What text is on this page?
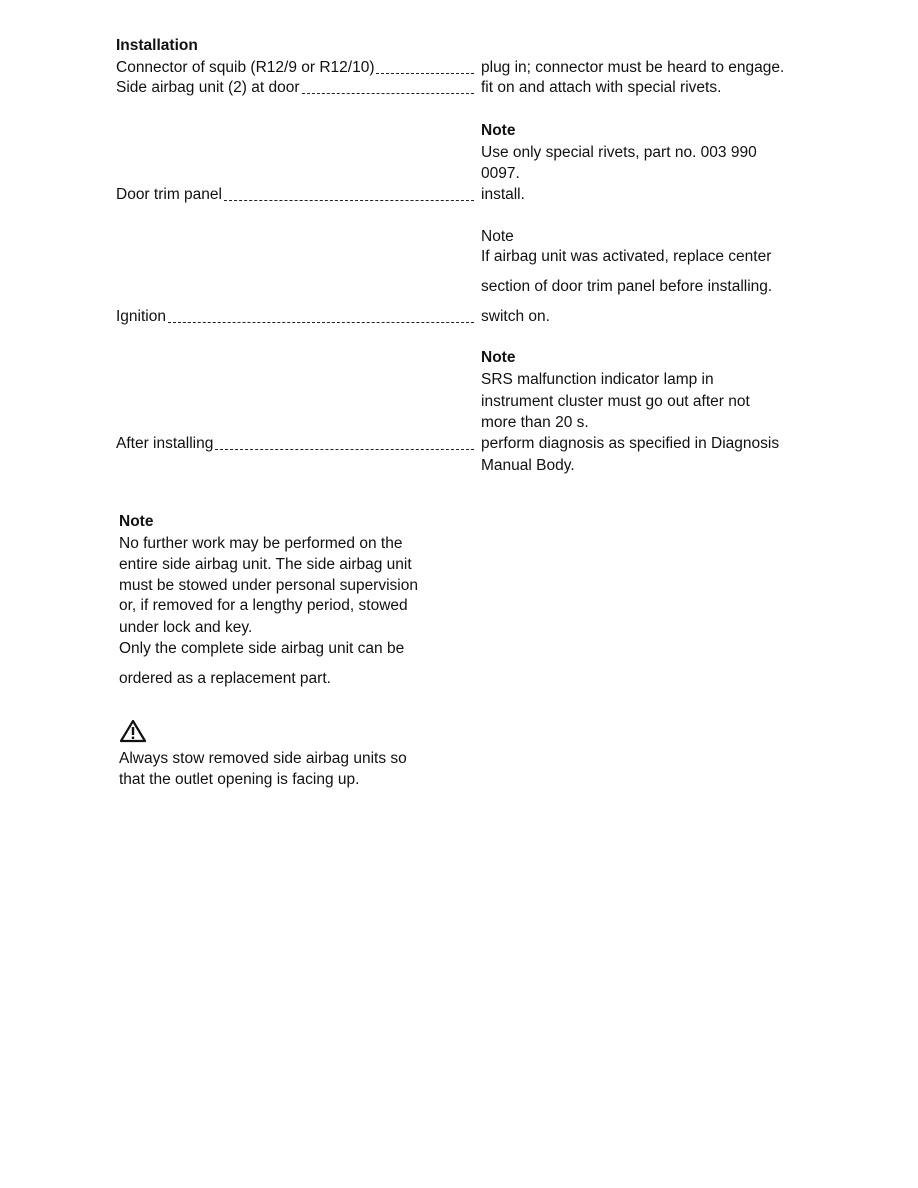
Installation
Connector of squib (R12/9 or R12/10)	plug in; connector must be heard to engage.
Side airbag unit (2) at door	fit on and attach with special rivets.
Note
Use only special rivets, part no. 003 990
0097.
Door trim panel	install.
Note
If airbag unit was activated, replace center
section of door trim panel before installing.
Ignition	switch on.
Note
SRS malfunction indicator lamp in
instrument cluster must go out after not
more than 20 s.
After installing	perform diagnosis as specified in Diagnosis
Manual Body.
Note
No further work may be performed on the
entire side airbag unit. The side airbag unit
must be stowed under personal supervision
or, if removed for a lengthy period, stowed
under lock and key.
Only the complete side airbag unit can be
ordered as a replacement part.
Always stow removed side airbag units so
that the outlet opening is facing up.
